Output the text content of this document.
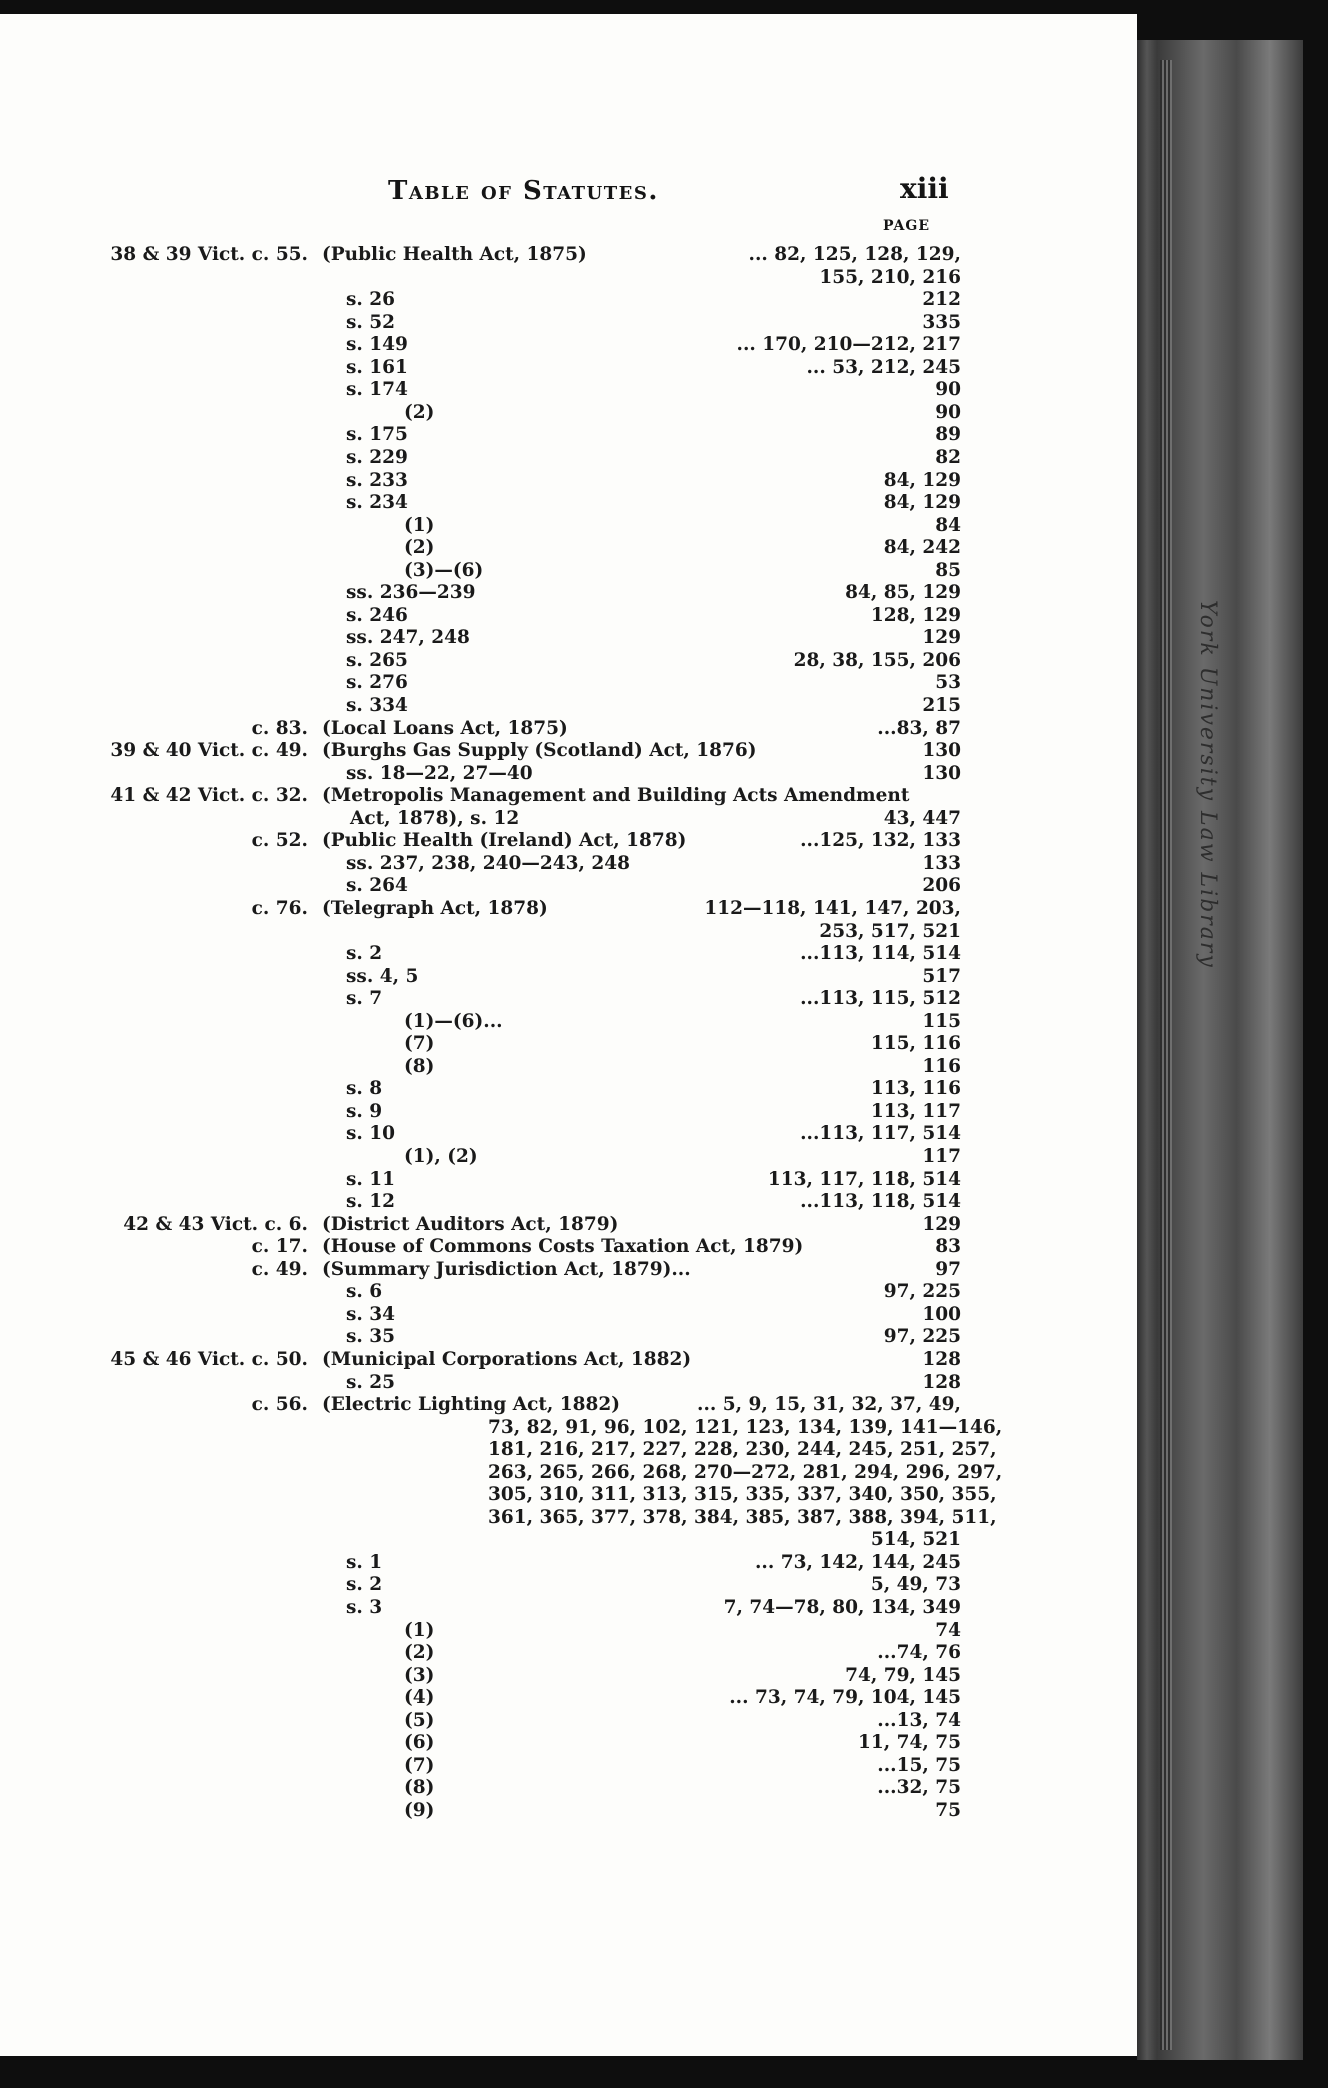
York University Law Library
Table of Statutes.	xiii
PAGE
38 & 39 Vict. c. 55. (Public Health Act, 1875)	... 82, 125, 128, 129,
155, 210, 216
s. 26	212
s. 52	335
s. 149	... 170, 210—212, 217
s. 161	... 53, 212, 245
s. 174	90
(2)	90
s. 175	89
s. 229	82
s. 233	84, 129
s. 234	84, 129
(1)	84
(2)	84, 242
(3)—(6)	85
ss. 236—239	84, 85, 129
s. 246	128, 129
ss. 247, 248	129
s. 265	28, 38, 155, 206
s. 276	53
s. 334	215
c. 83. (Local Loans Act, 1875)	...83, 87
39 & 40 Vict. c. 49. (Burghs Gas Supply (Scotland) Act, 1876)	130
ss. 18—22, 27—40	130
41 & 42 Vict. c. 32. (Metropolis Management and Building Acts Amendment
Act, 1878), s. 12	43, 447
c. 52. (Public Health (Ireland) Act, 1878)	...125, 132, 133
ss. 237, 238, 240—243, 248	133
s. 264	206
c. 76. (Telegraph Act, 1878)	112—118, 141, 147, 203,
253, 517, 521
s. 2	...113, 114, 514
ss. 4, 5	517
s. 7	...113, 115, 512
(1)—(6)...	115
(7)	115, 116
(8)	116
s. 8	113, 116
s. 9	113, 117
s. 10	...113, 117, 514
(1), (2)	117
s. 11	113, 117, 118, 514
s. 12	...113, 118, 514
42 & 43 Vict. c. 6. (District Auditors Act, 1879)	129
c. 17. (House of Commons Costs Taxation Act, 1879)	83
c. 49. (Summary Jurisdiction Act, 1879)...	97
s. 6	97, 225
s. 34	100
s. 35	97, 225
45 & 46 Vict. c. 50. (Municipal Corporations Act, 1882)	128
s. 25	128
c. 56. (Electric Lighting Act, 1882)	... 5, 9, 15, 31, 32, 37, 49,
73, 82, 91, 96, 102, 121, 123, 134, 139, 141—146,
181, 216, 217, 227, 228, 230, 244, 245, 251, 257,
263, 265, 266, 268, 270—272, 281, 294, 296, 297,
305, 310, 311, 313, 315, 335, 337, 340, 350, 355,
361, 365, 377, 378, 384, 385, 387, 388, 394, 511,
514, 521
s. 1	... 73, 142, 144, 245
s. 2	5, 49, 73
s. 3	7, 74—78, 80, 134, 349
(1)	74
(2)	...74, 76
(3)	74, 79, 145
(4)	... 73, 74, 79, 104, 145
(5)	...13, 74
(6)	11, 74, 75
(7)	...15, 75
(8)	...32, 75
(9)	75
